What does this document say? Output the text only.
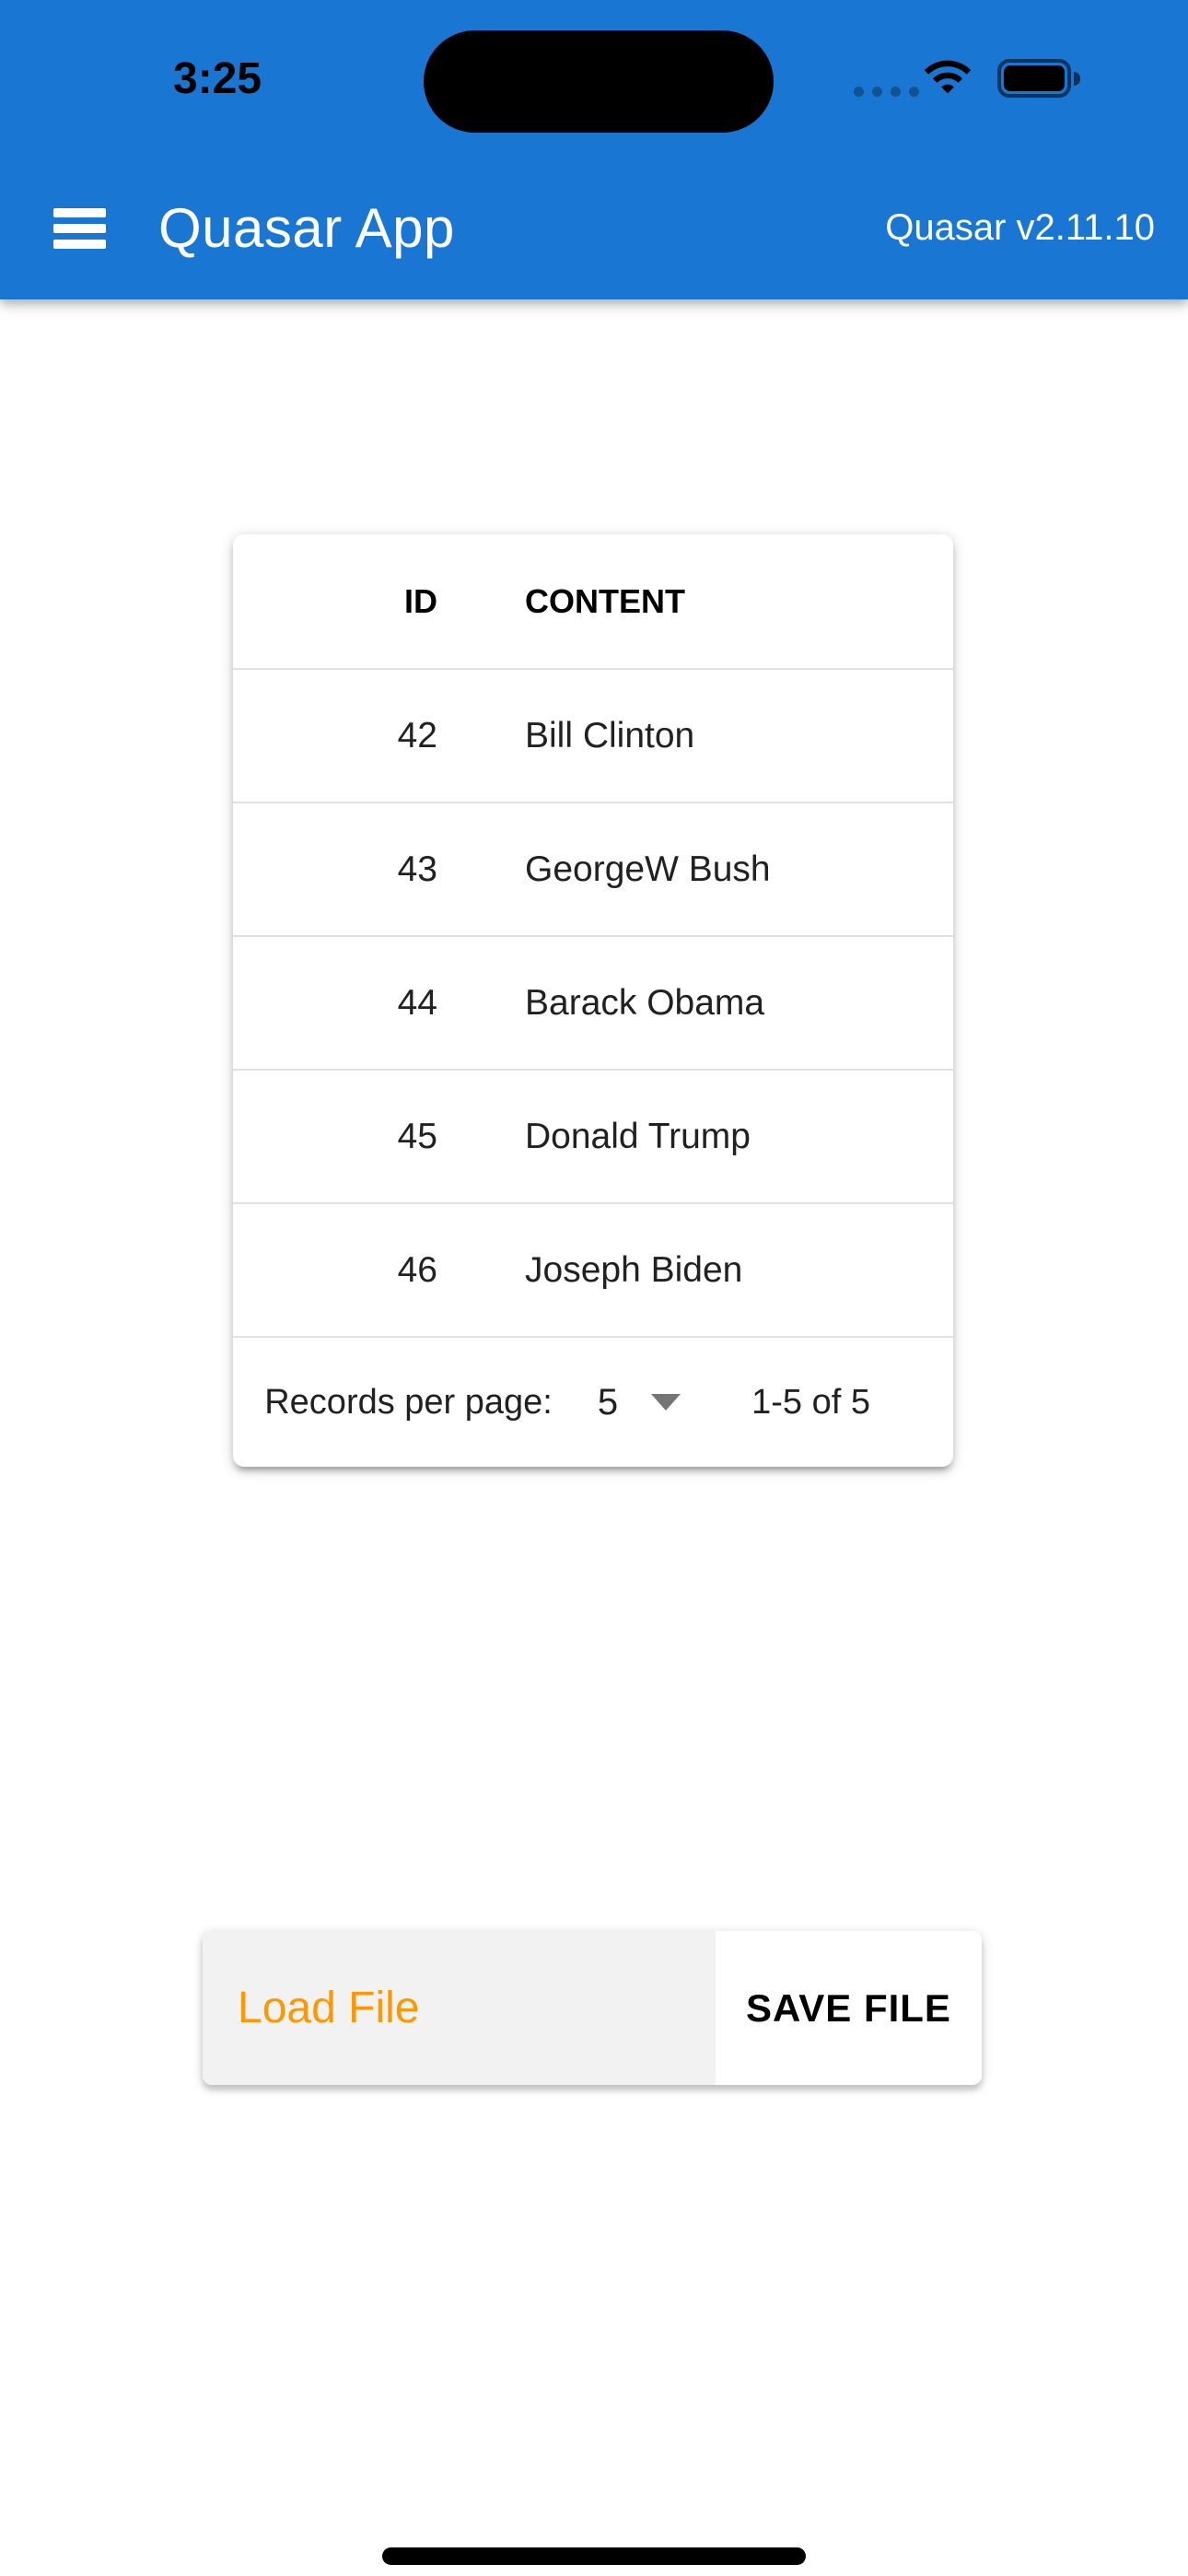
3:25
Quasar App	Quasar v2.11.10
ID	CONTENT
42	Bill Clinton
43	GeorgeW Bush
44	Barack Obama
45	Donald Trump
46	Joseph Biden
Records per page: 5	1-5 of 5
Load File	SAVE FILE
